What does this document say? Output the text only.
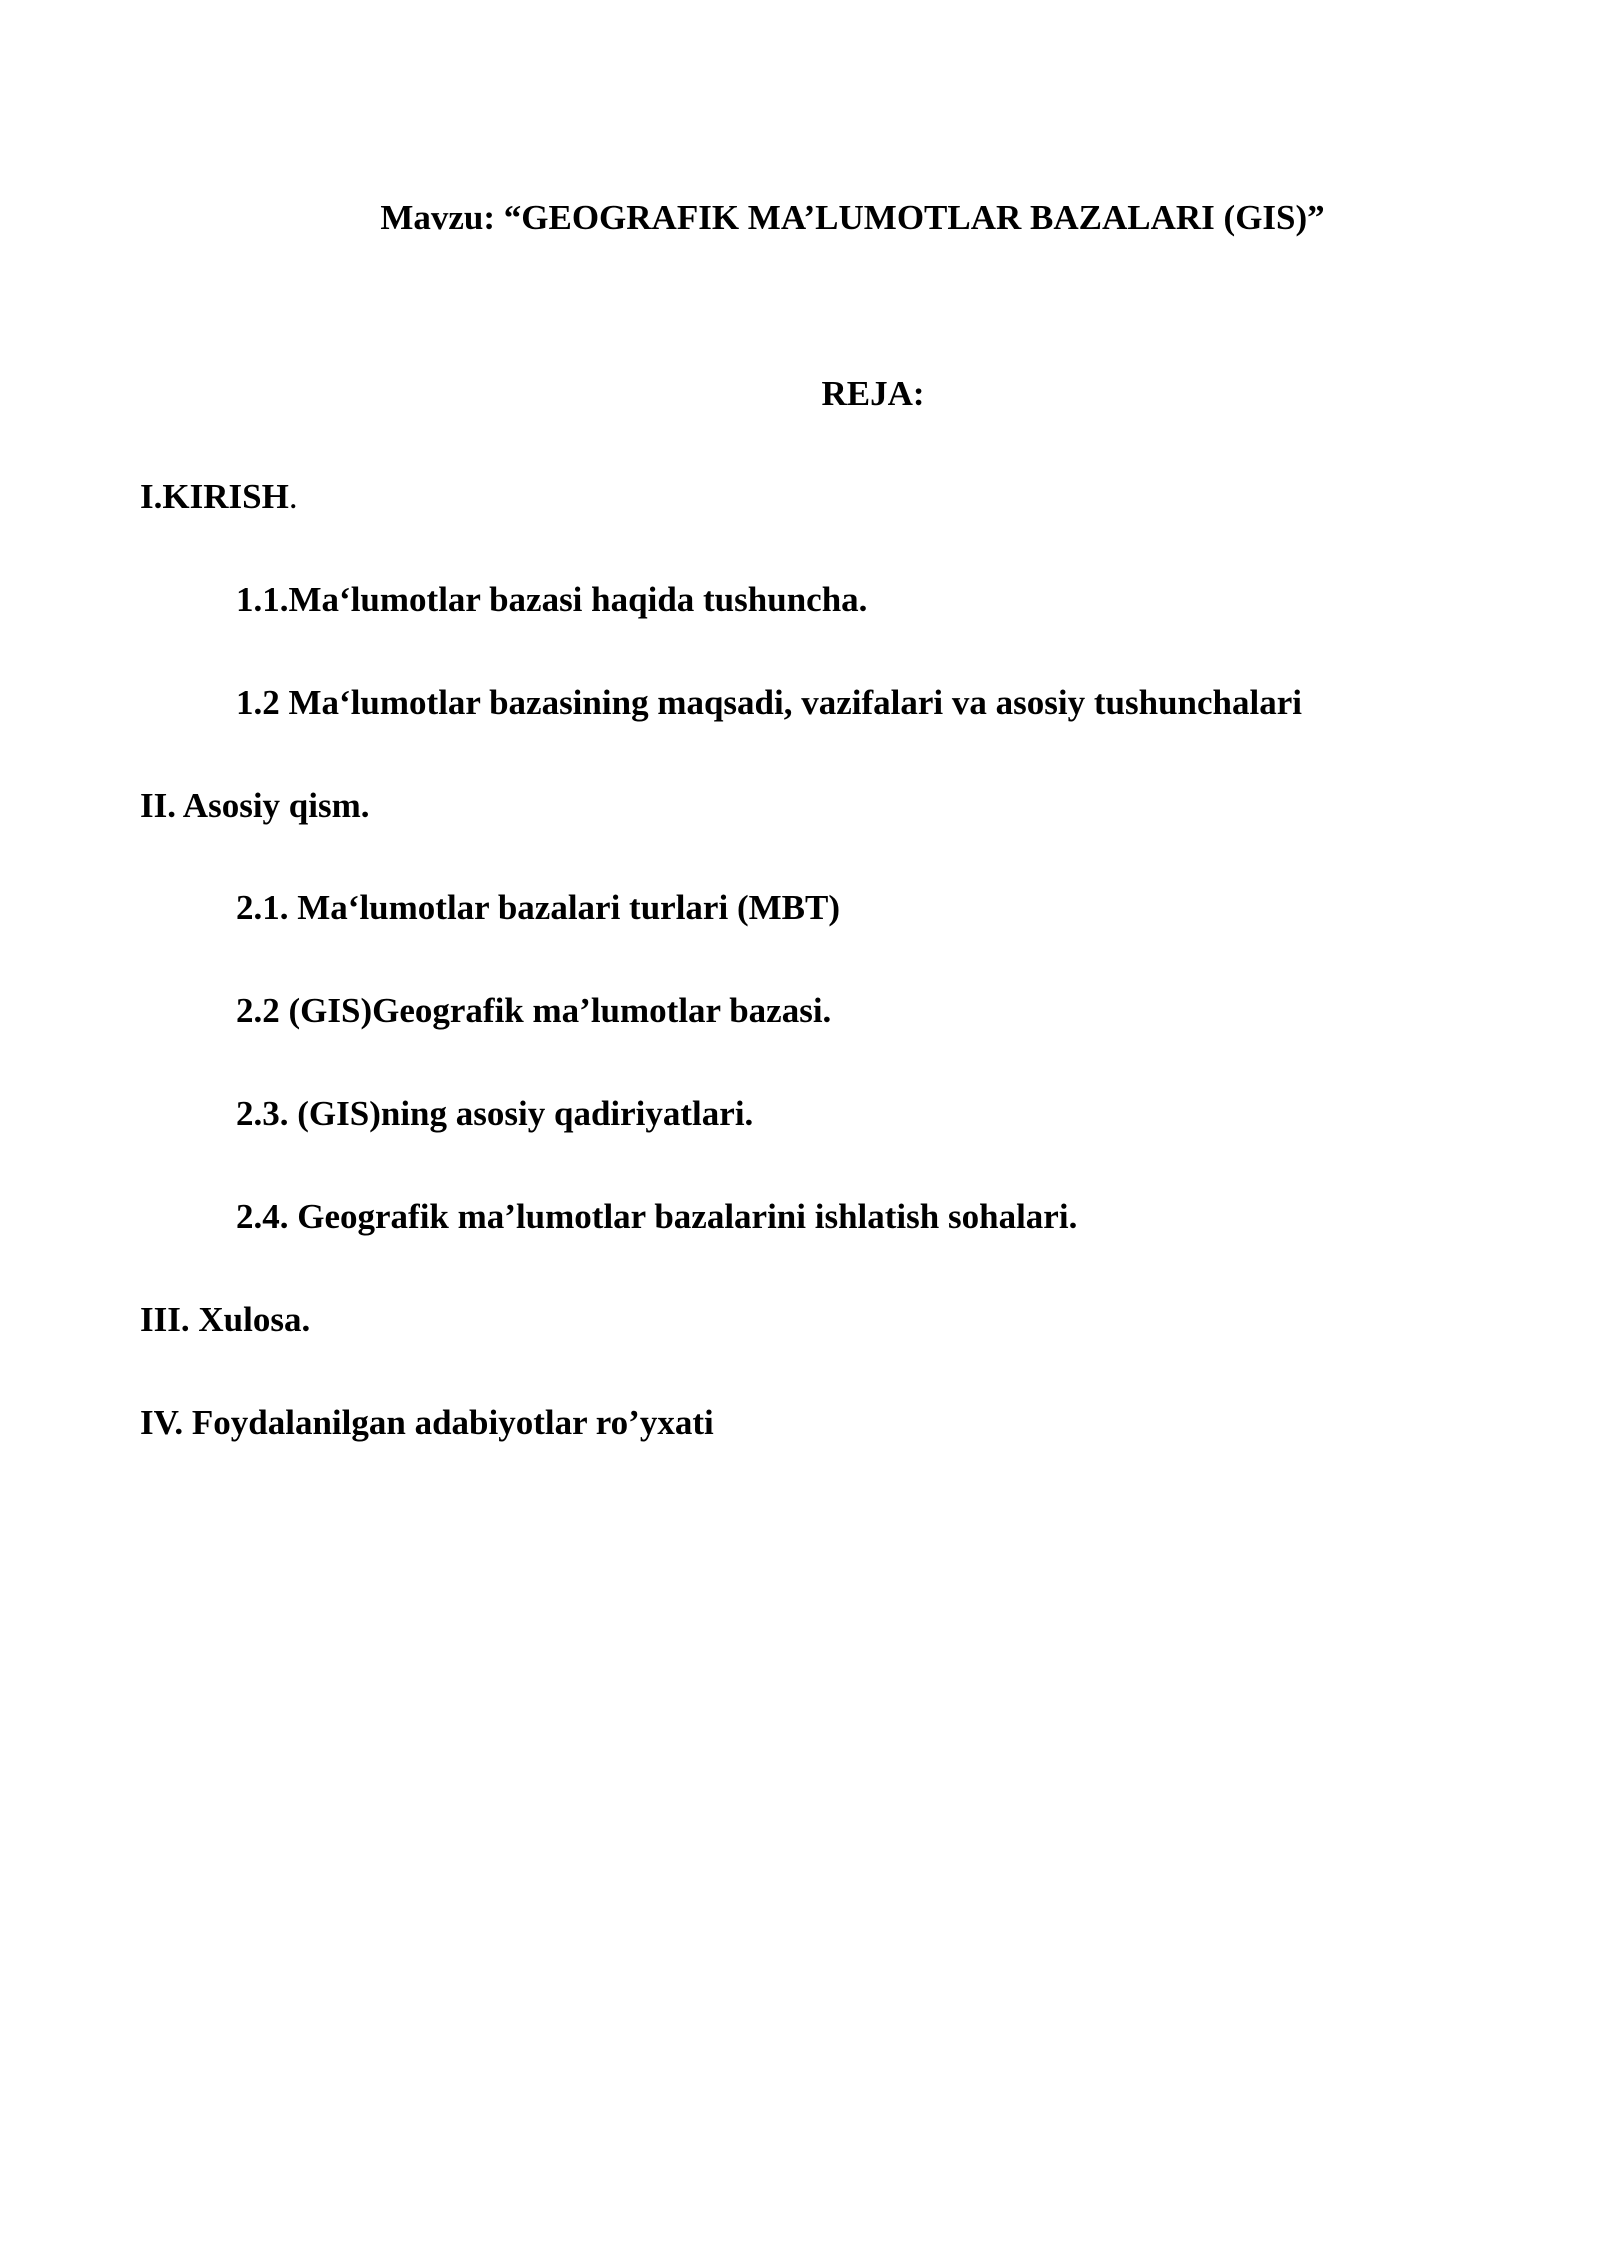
Mavzu: “GEOGRAFIK MA’LUMOTLAR BAZALARI (GIS)”
REJA:
I.KIRISH.
1.1.Ma‘lumotlar bazasi haqida tushuncha.
1.2 Ma‘lumotlar bazasining maqsadi, vazifalari va asosiy tushunchalari
II. Asosiy qism.
2.1. Ma‘lumotlar bazalari turlari (MBT)
2.2 (GIS)Geografik ma’lumotlar bazasi.
2.3. (GIS)ning asosiy qadiriyatlari.
2.4. Geografik ma’lumotlar bazalarini ishlatish sohalari.
III. Xulosa.
IV. Foydalanilgan adabiyotlar ro’yxati
